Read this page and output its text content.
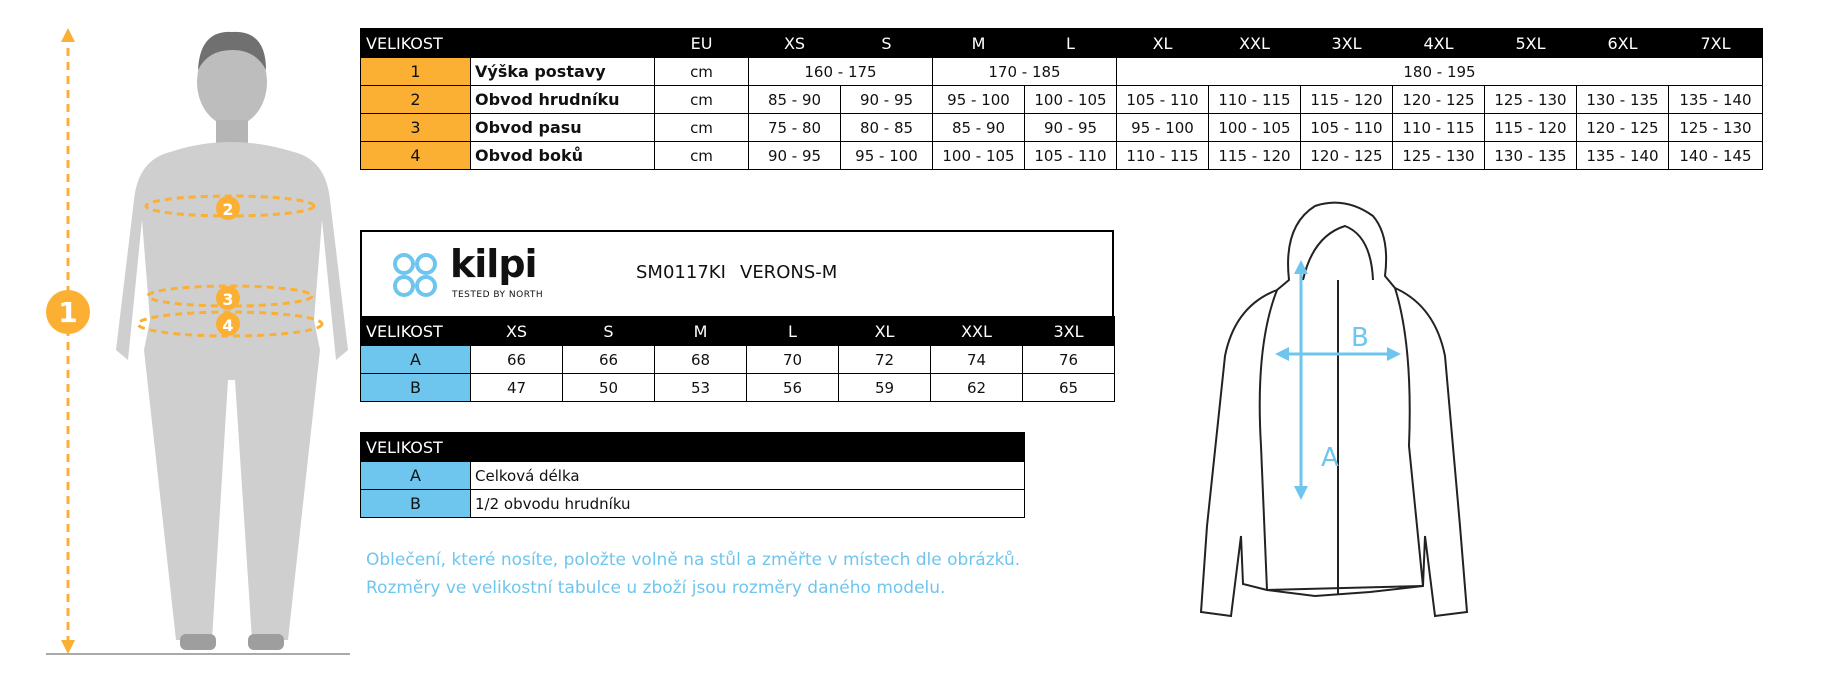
1
2
3
4
VELIKOST		EU	XS	S	M	L	XL	XXL	3XL	4XL	5XL	6XL	7XL
1	Výška postavy	cm	160 - 175		170 - 185		180 - 195						
2	Obvod hrudníku	cm	85 - 90	90 - 95	95 - 100	100 - 105	105 - 110	110 - 115	115 - 120	120 - 125	125 - 130	130 - 135	135 - 140
3	Obvod pasu	cm	75 - 80	80 - 85	85 - 90	90 - 95	95 - 100	100 - 105	105 - 110	110 - 115	115 - 120	120 - 125	125 - 130
4	Obvod boků	cm	90 - 95	95 - 100	100 - 105	105 - 110	110 - 115	115 - 120	120 - 125	125 - 130	130 - 135	135 - 140	140 - 145
kilpi
TESTED BY NORTH
SM0117KI VERONS-M
VELIKOST	XS	S	M	L	XL	XXL	3XL
A	66	66	68	70	72	74	76
B	47	50	53	56	59	62	65
VELIKOST	
A	Celková délka
B	1/2 obvodu hrudníku
Oblečení, které nosíte, položte volně na stůl a změřte v místech dle obrázků.
Rozměry ve velikostní tabulce u zboží jsou rozměry daného modelu.
A
B
